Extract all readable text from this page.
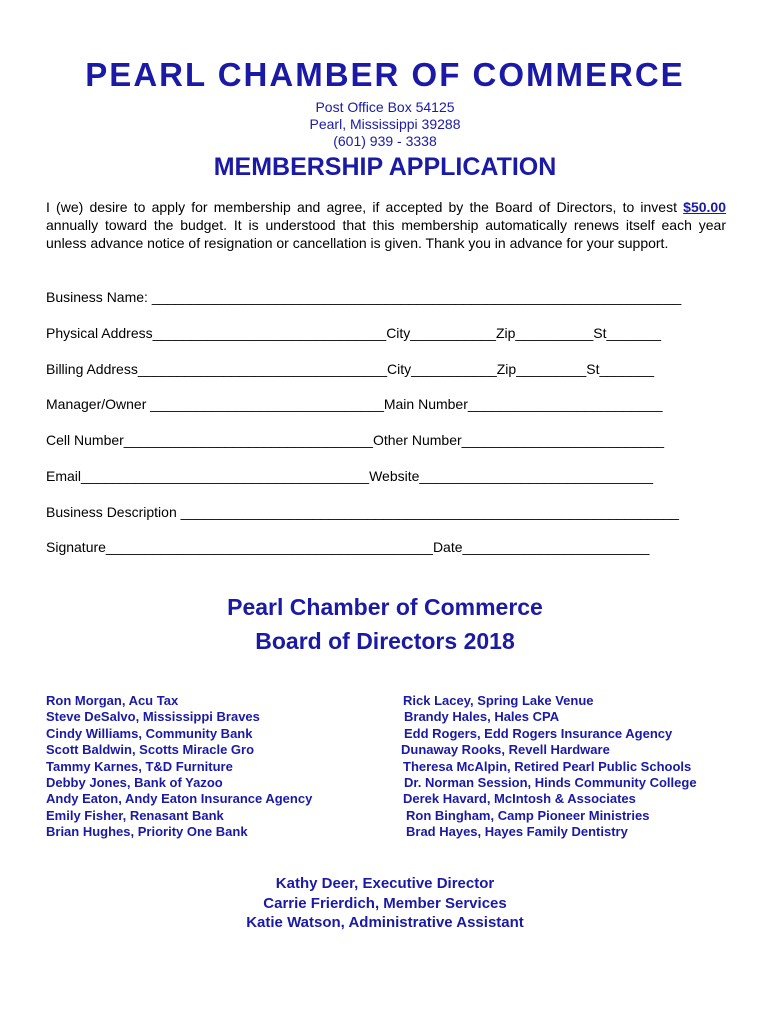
PEARL CHAMBER OF COMMERCE
Post Office Box 54125
Pearl, Mississippi 39288
(601) 939 - 3338
MEMBERSHIP APPLICATION
I (we) desire to apply for membership and agree, if accepted by the Board of Directors, to invest $50.00 annually toward the budget. It is understood that this membership automatically renews itself each year unless advance notice of resignation or cancellation is given. Thank you in advance for your support.
Business Name: ____________________________________________________________________
Physical Address______________________________City___________Zip__________St_______
Billing Address________________________________City___________Zip_________St_______
Manager/Owner ______________________________Main Number_________________________
Cell Number________________________________Other Number__________________________
Email_____________________________________Website______________________________
Business Description ________________________________________________________________
Signature__________________________________________Date________________________
Pearl Chamber of Commerce
Board of Directors 2018
Ron Morgan, Acu Tax
Steve DeSalvo, Mississippi Braves
Cindy Williams, Community Bank
Scott Baldwin, Scotts Miracle Gro
Tammy Karnes, T&D Furniture
Debby Jones, Bank of Yazoo
Andy Eaton, Andy Eaton Insurance Agency
Emily Fisher, Renasant Bank
Brian Hughes, Priority One Bank
Rick Lacey, Spring Lake Venue
Brandy Hales, Hales CPA
Edd Rogers, Edd Rogers Insurance Agency
Dunaway Rooks, Revell Hardware
Theresa McAlpin, Retired Pearl Public Schools
Dr. Norman Session, Hinds Community College
Derek Havard, McIntosh & Associates
Ron Bingham, Camp Pioneer Ministries
Brad Hayes, Hayes Family Dentistry
Kathy Deer, Executive Director
Carrie Frierdich, Member Services
Katie Watson, Administrative Assistant
